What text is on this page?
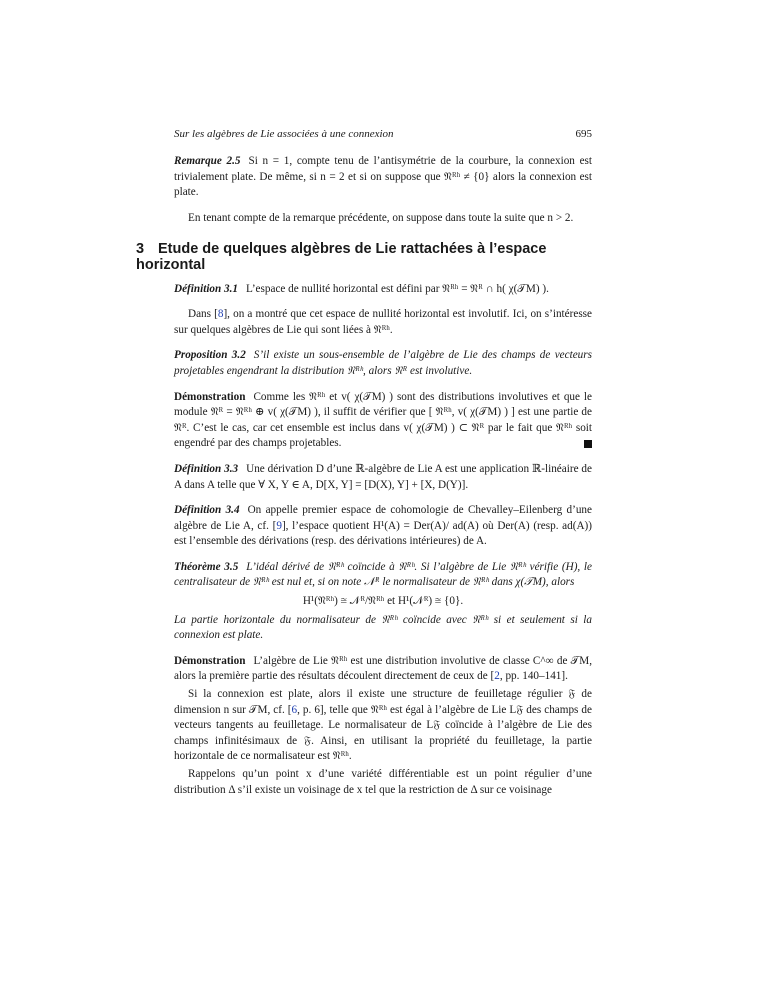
Sur les algèbres de Lie associées à une connexion	695
Remarque 2.5 Si n = 1, compte tenu de l’antisymétrie de la courbure, la connexion est trivialement plate. De même, si n = 2 et si on suppose que 𝔑ᴿʰ ≠ {0} alors la connexion est plate.
En tenant compte de la remarque précédente, on suppose dans toute la suite que n > 2.
3 Etude de quelques algèbres de Lie rattachées à l’espace horizontal
Définition 3.1 L’espace de nullité horizontal est défini par 𝔑ᴿʰ = 𝔑ᴿ ∩ h( χ(𝒯M) ).
Dans [8], on a montré que cet espace de nullité horizontal est involutif. Ici, on s’intéresse sur quelques algèbres de Lie qui sont liées à 𝔑ᴿʰ.
Proposition 3.2 S’il existe un sous-ensemble de l’algèbre de Lie des champs de vecteurs projetables engendrant la distribution 𝔑ᴿʰ, alors 𝔑ᴿ est involutive.
Démonstration Comme les 𝔑ᴿʰ et v( χ(𝒯M) ) sont des distributions involutives et que le module 𝔑ᴿ = 𝔑ᴿʰ ⊕ v( χ(𝒯M) ), il suffit de vérifier que [ 𝔑ᴿʰ, v( χ(𝒯M) ) ] est une partie de 𝔑ᴿ. C’est le cas, car cet ensemble est inclus dans v( χ(𝒯M) ) ⊂ 𝔑ᴿ par le fait que 𝔑ᴿʰ soit engendré par des champs projetables.
Définition 3.3 Une dérivation D d’une ℝ-algèbre de Lie A est une application ℝ-linéaire de A dans A telle que ∀ X, Y ∈ A, D[X, Y] = [D(X), Y] + [X, D(Y)].
Définition 3.4 On appelle premier espace de cohomologie de Chevalley–Eilenberg d’une algèbre de Lie A, cf. [9], l’espace quotient H¹(A) = Der(A)/ ad(A) où Der(A) (resp. ad(A)) est l’ensemble des dérivations (resp. des dérivations intérieures) de A.
Théorème 3.5 L’idéal dérivé de 𝔑ᴿʰ coïncide à 𝔑ᴿʰ. Si l’algèbre de Lie 𝔑ᴿʰ vérifie (H), le centralisateur de 𝔑ᴿʰ est nul et, si on note 𝒩ᴿ le normalisateur de 𝔑ᴿʰ dans χ(𝒯M), alors
H¹(𝔑ᴿʰ) ≅ 𝒩ᴿ/𝔑ᴿʰ et H¹(𝒩ᴿ) ≅ {0}.
La partie horizontale du normalisateur de 𝔑ᴿʰ coïncide avec 𝔑ᴿʰ si et seulement si la connexion est plate.
Démonstration L’algèbre de Lie 𝔑ᴿʰ est une distribution involutive de classe C^∞ de 𝒯M, alors la première partie des résultats découlent directement de ceux de [2, pp. 140–141].
Si la connexion est plate, alors il existe une structure de feuilletage régulier 𝔉 de dimension n sur 𝒯M, cf. [6, p. 6], telle que 𝔑ᴿʰ est égal à l’algèbre de Lie L𝔉 des champs de vecteurs tangents au feuilletage. Le normalisateur de L𝔉 coïncide à l’algèbre de Lie des champs infinitésimaux de 𝔉. Ainsi, en utilisant la propriété du feuilletage, la partie horizontale de ce normalisateur est 𝔑ᴿʰ.
Rappelons qu’un point x d’une variété différentiable est un point régulier d’une distribution Δ s’il existe un voisinage de x tel que la restriction de Δ sur ce voisinage
